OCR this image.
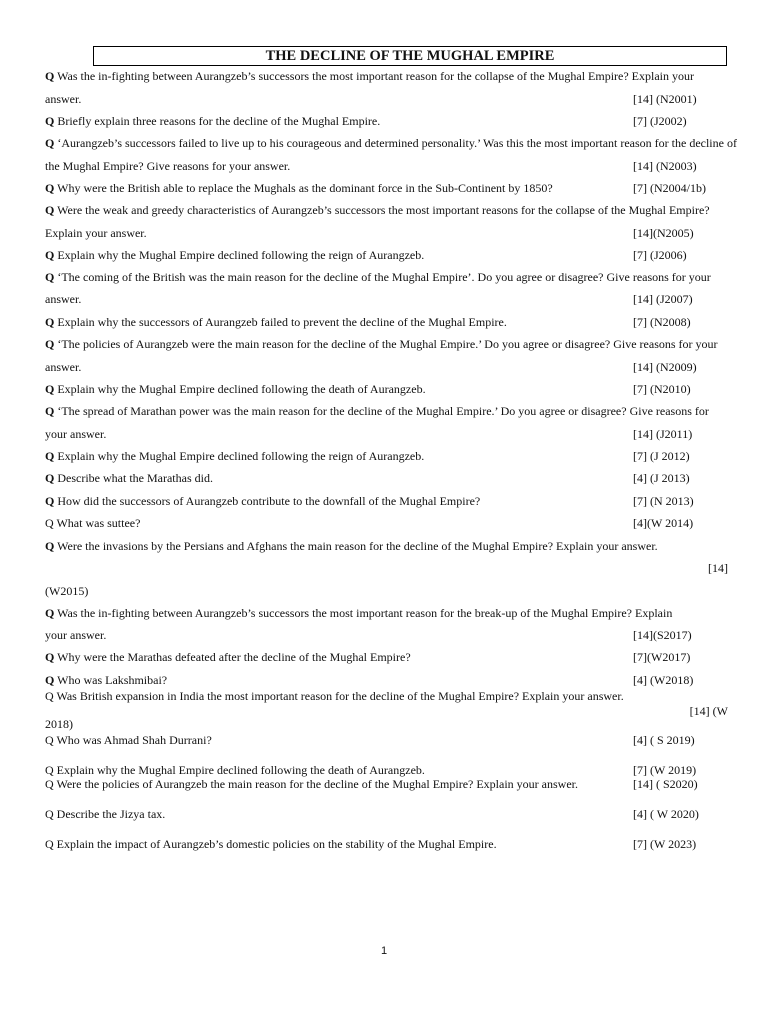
THE DECLINE OF THE MUGHAL EMPIRE
Q Was the in-fighting between Aurangzeb’s successors the most important reason for the collapse of the Mughal Empire? Explain your
answer.	[14] (N2001)
Q Briefly explain three reasons for the decline of the Mughal Empire.	[7] (J2002)
Q ‘Aurangzeb’s successors failed to live up to his courageous and determined personality.’ Was this the most important reason for the decline of
the Mughal Empire? Give reasons for your answer.	[14] (N2003)
Q Why were the British able to replace the Mughals as the dominant force in the Sub-Continent by 1850?	[7] (N2004/1b)
Q Were the weak and greedy characteristics of Aurangzeb’s successors the most important reasons for the collapse of the Mughal Empire?
Explain your answer.	[14](N2005)
Q Explain why the Mughal Empire declined following the reign of Aurangzeb.	[7] (J2006)
Q ‘The coming of the British was the main reason for the decline of the Mughal Empire’. Do you agree or disagree? Give reasons for your
answer.	[14] (J2007)
Q Explain why the successors of Aurangzeb failed to prevent the decline of the Mughal Empire.	[7] (N2008)
Q ‘The policies of Aurangzeb were the main reason for the decline of the Mughal Empire.’ Do you agree or disagree? Give reasons for your
answer.	[14] (N2009)
Q Explain why the Mughal Empire declined following the death of Aurangzeb.	[7] (N2010)
Q ‘The spread of Marathan power was the main reason for the decline of the Mughal Empire.’ Do you agree or disagree? Give reasons for
your answer.	[14] (J2011)
Q Explain why the Mughal Empire declined following the reign of Aurangzeb.	[7] (J 2012)
Q Describe what the Marathas did.	[4] (J 2013)
Q How did the successors of Aurangzeb contribute to the downfall of the Mughal Empire?	[7] (N 2013)
Q What was suttee?	[4](W 2014)
Q Were the invasions by the Persians and Afghans the main reason for the decline of the Mughal Empire? Explain your answer.
[14]
(W2015)
Q Was the in-fighting between Aurangzeb’s successors the most important reason for the break-up of the Mughal Empire? Explain
your answer.	[14](S2017)
Q Why were the Marathas defeated after the decline of the Mughal Empire?	[7](W2017)
Q Who was Lakshmibai?	[4] (W2018)
Q Was British expansion in India the most important reason for the decline of the Mughal Empire? Explain your answer.
[14] (W
2018)
Q Who was Ahmad Shah Durrani?	[4] ( S 2019)
Q Explain why the Mughal Empire declined following the death of Aurangzeb.	[7] (W 2019)
Q Were the policies of Aurangzeb the main reason for the decline of the Mughal Empire? Explain your answer.	[14] ( S2020)
Q Describe the Jizya tax.	[4] ( W 2020)
Q Explain the impact of Aurangzeb’s domestic policies on the stability of the Mughal Empire.	[7] (W 2023)
1
